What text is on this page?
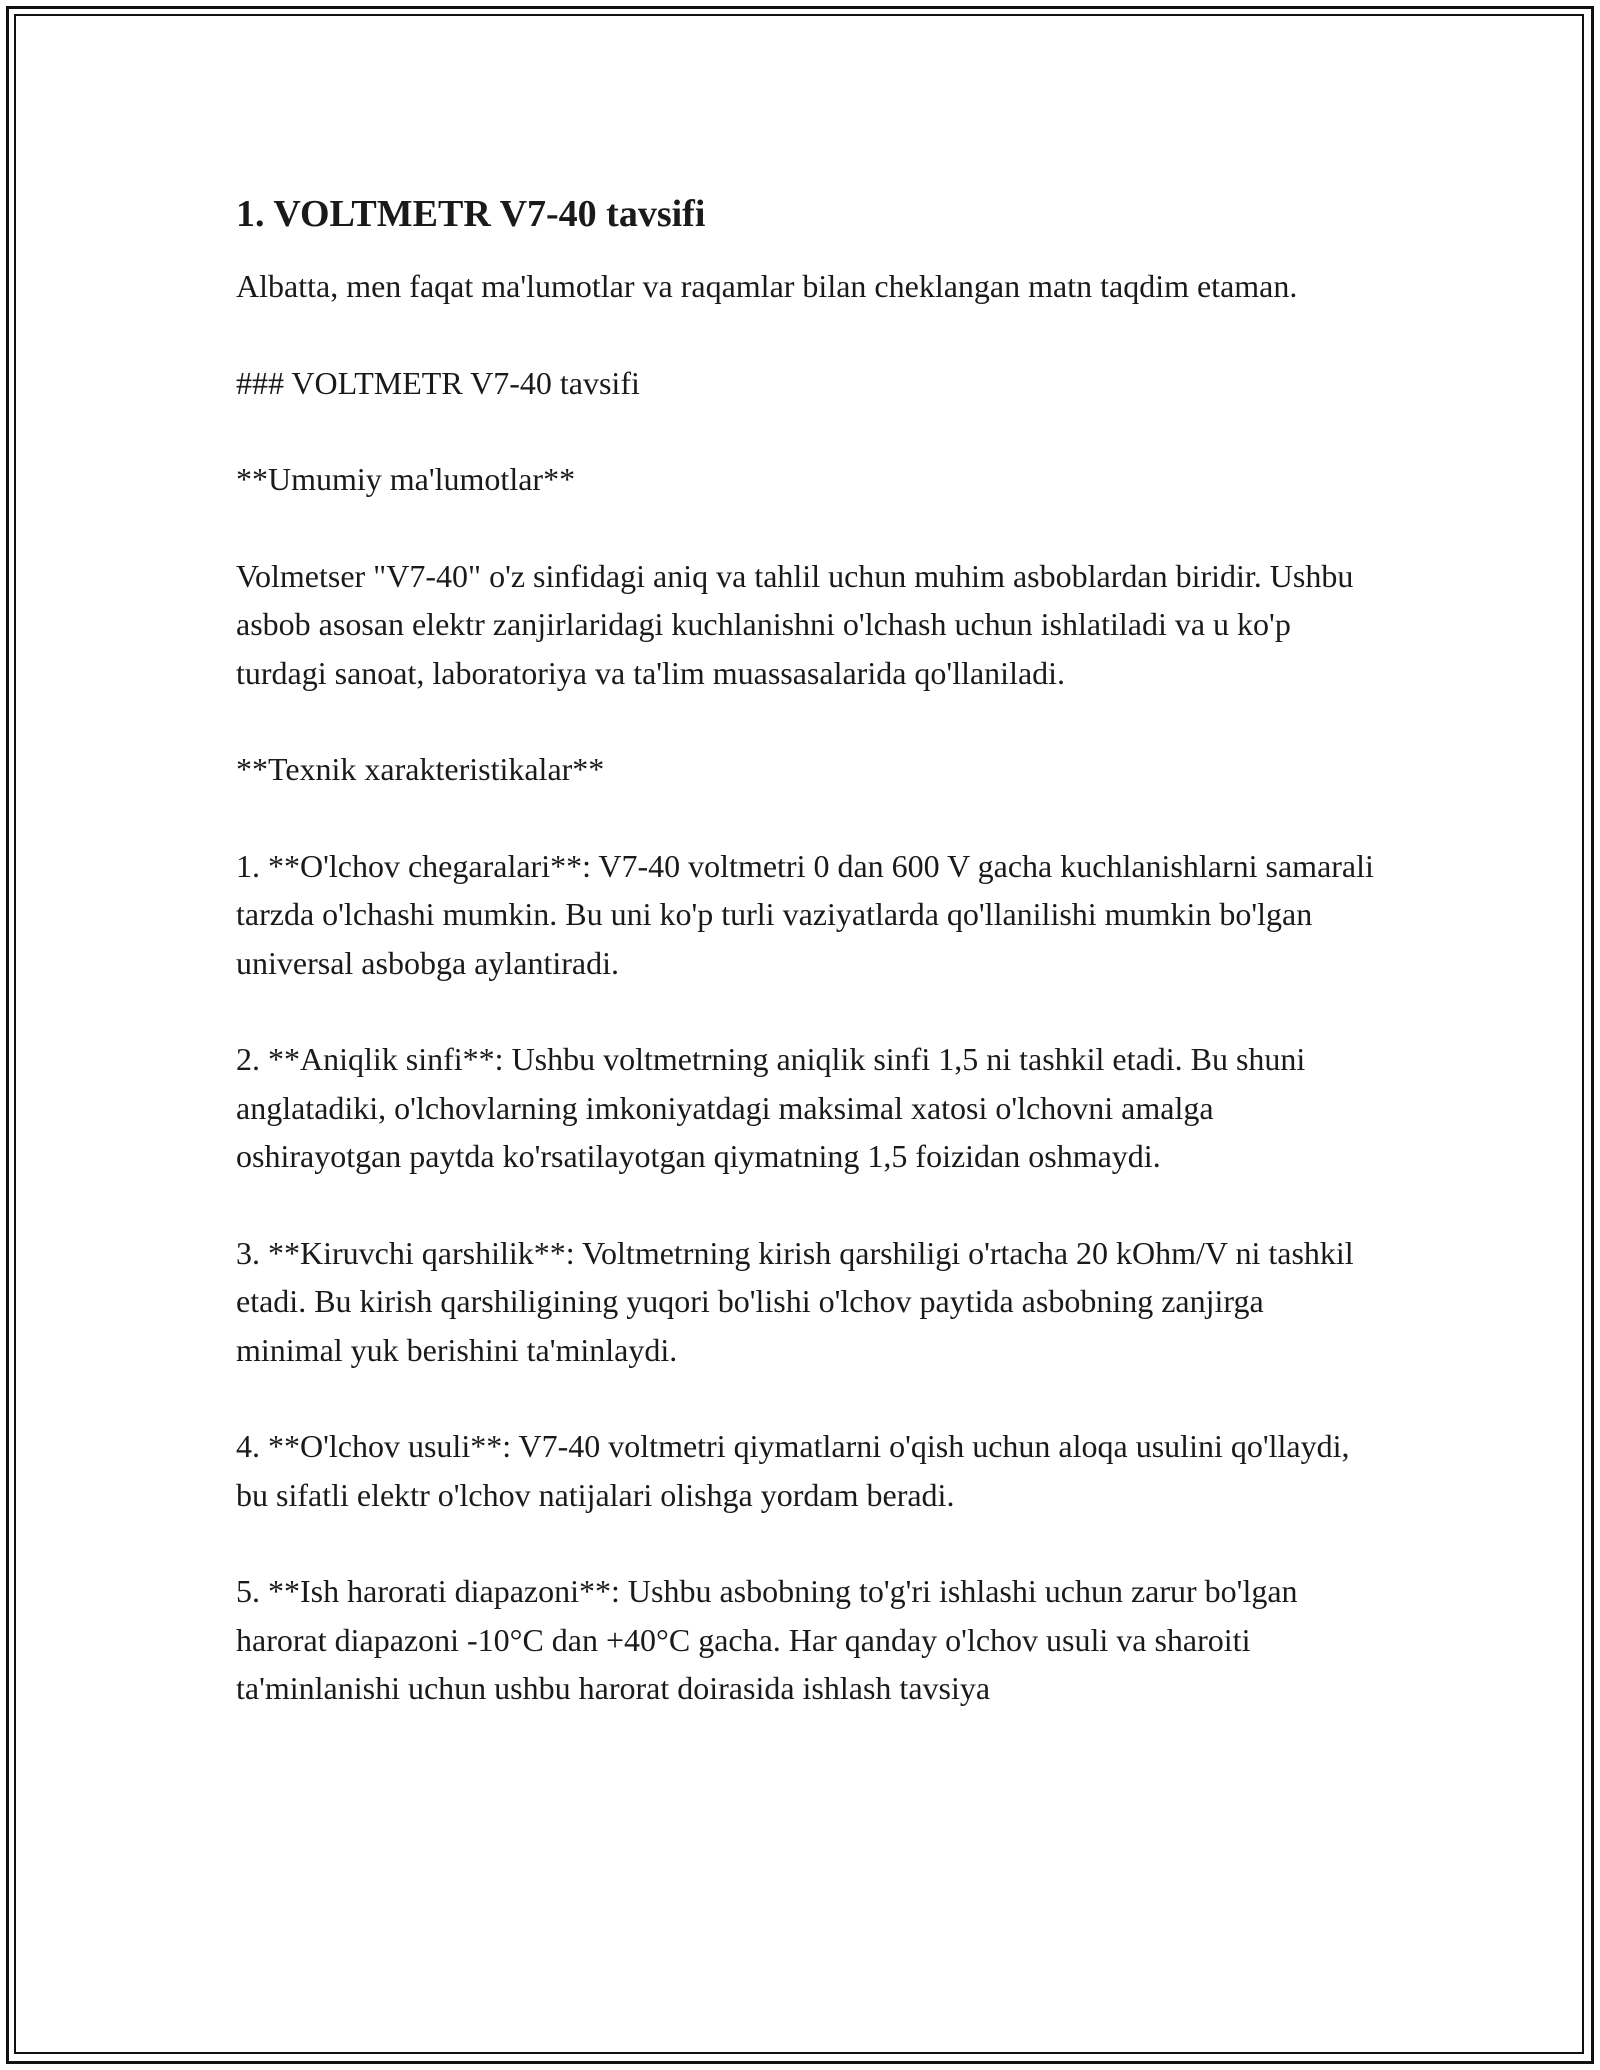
1. VOLTMETR V7-40 tavsifi

Albatta, men faqat ma'lumotlar va raqamlar bilan cheklangan matn taqdim etaman.

### VOLTMETR V7-40 tavsifi

**Umumiy ma'lumotlar**

Volmetser "V7-40" o'z sinfidagi aniq va tahlil uchun muhim asboblardan biridir. Ushbu asbob asosan elektr zanjirlaridagi kuchlanishni o'lchash uchun ishlatiladi va u ko'p turdagi sanoat, laboratoriya va ta'lim muassasalarida qo'llaniladi.

**Texnik xarakteristikalar**

1. **O'lchov chegaralari**: V7-40 voltmetri 0 dan 600 V gacha kuchlanishlarni samarali tarzda o'lchashi mumkin. Bu uni ko'p turli vaziyatlarda qo'llanilishi mumkin bo'lgan universal asbobga aylantiradi.

2. **Aniqlik sinfi**: Ushbu voltmetrning aniqlik sinfi 1,5 ni tashkil etadi. Bu shuni anglatadiki, o'lchovlarning imkoniyatdagi maksimal xatosi o'lchovni amalga oshirayotgan paytda ko'rsatilayotgan qiymatning 1,5 foizidan oshmaydi.

3. **Kiruvchi qarshilik**: Voltmetrning kirish qarshiligi o'rtacha 20 kOhm/V ni tashkil etadi. Bu kirish qarshiligining yuqori bo'lishi o'lchov paytida asbobning zanjirga minimal yuk berishini ta'minlaydi.

4. **O'lchov usuli**: V7-40 voltmetri qiymatlarni o'qish uchun aloqa usulini qo'llaydi, bu sifatli elektr o'lchov natijalari olishga yordam beradi.

5. **Ish harorati diapazoni**: Ushbu asbobning to'g'ri ishlashi uchun zarur bo'lgan harorat diapazoni -10°C dan +40°C gacha. Har qanday o'lchov usuli va sharoiti ta'minlanishi uchun ushbu harorat doirasida ishlash tavsiya
